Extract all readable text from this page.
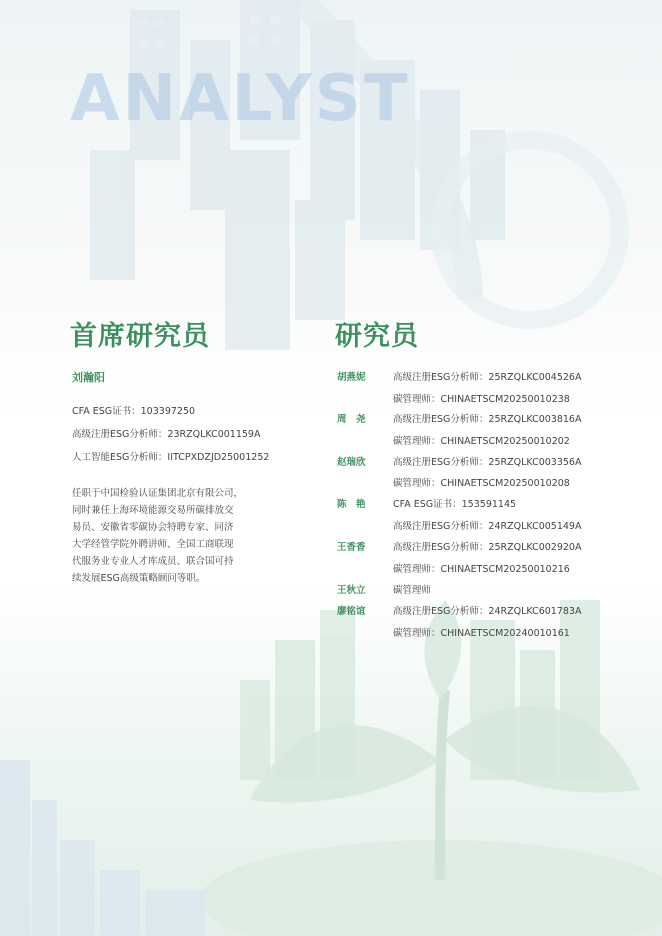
ANALYST

首席研究员

刘瀚阳

CFA ESG证书：103397250

高级注册ESG分析师：23RZQLKC001159A

人工智能ESG分析师：IITCPXDZJD25001252

任职于中国检验认证集团北京有限公司，
同时兼任上海环境能源交易所碳排放交
易员、安徽省零碳协会特聘专家、同济
大学经管学院外聘讲师、全国工商联现
代服务业专业人才库成员、联合国可持
续发展ESG高级策略顾问等职。
研究员
胡燕妮	高级注册ESG分析师：25RZQLKC004526A
碳管理师：CHINAETSCM20250010238
周　尧	高级注册ESG分析师：25RZQLKC003816A
碳管理师：CHINAETSCM20250010202
赵瑞欣	高级注册ESG分析师：25RZQLKC003356A
碳管理师：CHINAETSCM20250010208
陈　艳	CFA ESG证书：153591145
高级注册ESG分析师：24RZQLKC005149A
王香香	高级注册ESG分析师：25RZQLKC002920A
碳管理师：CHINAETSCM20250010216
王秋立	碳管理师
廖铭谊	高级注册ESG分析师：24RZQLKC601783A
碳管理师：CHINAETSCM20240010161
